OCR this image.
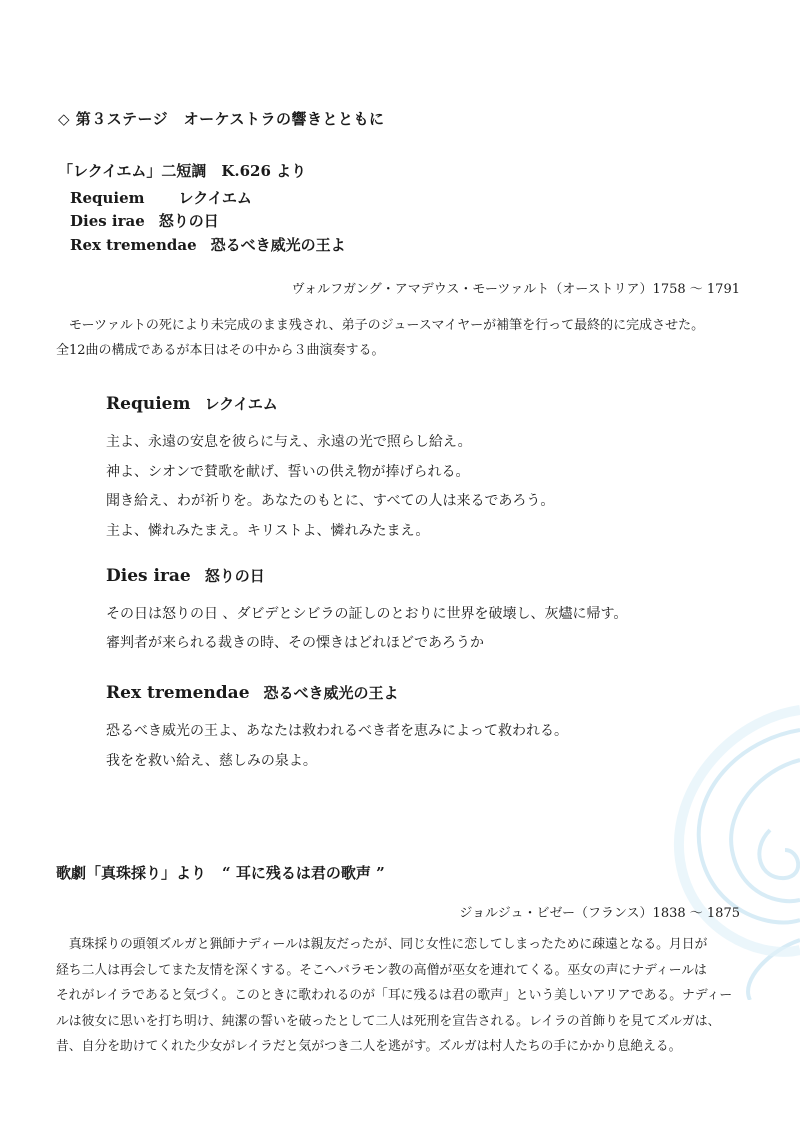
◇ 第３ステージ　オーケストラの響きとともに
「レクイエム」二短調　K.626 より
Requiem レクイエム
Dies irae 怒りの日
Rex tremendae 恐るべき威光の王よ
ヴォルフガング・アマデウス・モーツァルト（オーストリア）1758 ～ 1791

　モーツァルトの死により未完成のまま残され、弟子のジュースマイヤーが補筆を行って最終的に完成させた。

全12曲の構成であるが本日はその中から３曲演奏する。

Requiem レクイエム
主よ、永遠の安息を彼らに与え、永遠の光で照らし給え。
神よ、シオンで賛歌を献げ、誓いの供え物が捧げられる。
聞き給え、わが祈りを。あなたのもとに、すべての人は来るであろう。
主よ、憐れみたまえ。キリストよ、憐れみたまえ。
Dies irae 怒りの日
その日は怒りの日 、ダビデとシビラの証しのとおりに世界を破壊し、灰燼に帰す。
審判者が来られる裁きの時、その慄きはどれほどであろうか
Rex tremendae 恐るべき威光の王よ
恐るべき威光の王よ、あなたは救われるべき者を恵みによって救われる。
我をを救い給え、慈しみの泉よ。
歌劇「真珠採り」より “ 耳に残るは君の歌声 ”
ジョルジュ・ビゼー（フランス）1838 ～ 1875

　真珠採りの頭領ズルガと猟師ナディールは親友だったが、同じ女性に恋してしまったために疎遠となる。月日が

経ち二人は再会してまた友情を深くする。そこへバラモン教の高僧が巫女を連れてくる。巫女の声にナディールは

それがレイラであると気づく。このときに歌われるのが「耳に残るは君の歌声」という美しいアリアである。ナディー

ルは彼女に思いを打ち明け、純潔の誓いを破ったとして二人は死刑を宣告される。レイラの首飾りを見てズルガは、

昔、自分を助けてくれた少女がレイラだと気がつき二人を逃がす。ズルガは村人たちの手にかかり息絶える。
